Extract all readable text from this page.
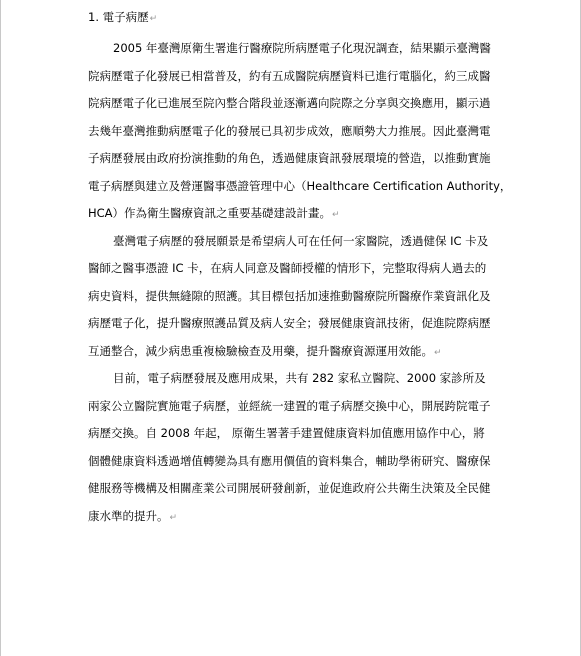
1. 電子病歷↵
2005 年臺灣原衛生署進行醫療院所病歷電子化現況調查，結果顯示臺灣醫
院病歷電子化發展已相當普及，約有五成醫院病歷資料已進行電腦化，約三成醫
院病歷電子化已進展至院內整合階段並逐漸邁向院際之分享與交換應用，顯示過
去幾年臺灣推動病歷電子化的發展已具初步成效，應順勢大力推展。因此臺灣電
子病歷發展由政府扮演推動的角色，透過健康資訊發展環境的營造，以推動實施
電子病歷與建立及營運醫事憑證管理中心（Healthcare Certification Authority，
HCA）作為衛生醫療資訊之重要基礎建設計畫。↵
臺灣電子病歷的發展願景是希望病人可在任何一家醫院，透過健保 IC 卡及
醫師之醫事憑證 IC 卡，在病人同意及醫師授權的情形下，完整取得病人過去的
病史資料，提供無縫隙的照護。其目標包括加速推動醫療院所醫療作業資訊化及
病歷電子化，提升醫療照護品質及病人安全；發展健康資訊技術，促進院際病歷
互通整合，減少病患重複檢驗檢查及用藥，提升醫療資源運用效能。↵
目前，電子病歷發展及應用成果，共有 282 家私立醫院、2000 家診所及
兩家公立醫院實施電子病歷，並經統一建置的電子病歷交換中心，開展跨院電子
病歷交換。自 2008 年起， 原衛生署著手建置健康資料加值應用協作中心，將
個體健康資料透過增值轉變為具有應用價值的資料集合，輔助學術研究、醫療保
健服務等機構及相關產業公司開展研發創新，並促進政府公共衛生決策及全民健
康水準的提升。↵
